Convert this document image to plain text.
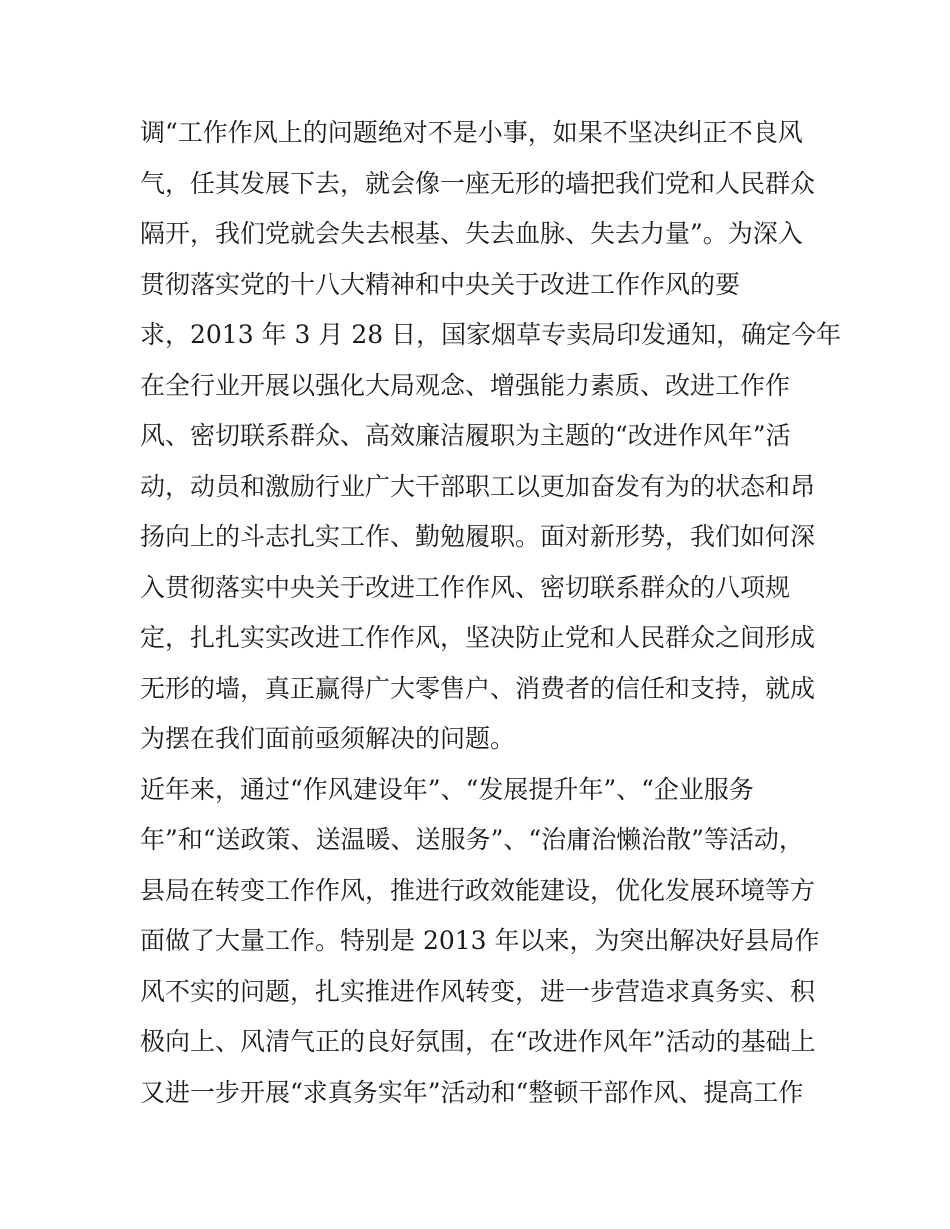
调“工作作风上的问题绝对不是小事，如果不坚决纠正不良风
气，任其发展下去，就会像一座无形的墙把我们党和人民群众
隔开，我们党就会失去根基、失去血脉、失去力量”。为深入
贯彻落实党的十八大精神和中央关于改进工作作风的要
求，2013 年 3 月 28 日，国家烟草专卖局印发通知，确定今年
在全行业开展以强化大局观念、增强能力素质、改进工作作
风、密切联系群众、高效廉洁履职为主题的“改进作风年”活
动，动员和激励行业广大干部职工以更加奋发有为的状态和昂
扬向上的斗志扎实工作、勤勉履职。面对新形势，我们如何深
入贯彻落实中央关于改进工作作风、密切联系群众的八项规
定，扎扎实实改进工作作风，坚决防止党和人民群众之间形成
无形的墙，真正赢得广大零售户、消费者的信任和支持，就成
为摆在我们面前亟须解决的问题。
近年来，通过“作风建设年”、“发展提升年”、“企业服务
年”和“送政策、送温暖、送服务”、“治庸治懒治散”等活动，
县局在转变工作作风，推进行政效能建设，优化发展环境等方
面做了大量工作。特别是 2013 年以来，为突出解决好县局作
风不实的问题，扎实推进作风转变，进一步营造求真务实、积
极向上、风清气正的良好氛围，在“改进作风年”活动的基础上
又进一步开展“求真务实年”活动和“整顿干部作风、提高工作
